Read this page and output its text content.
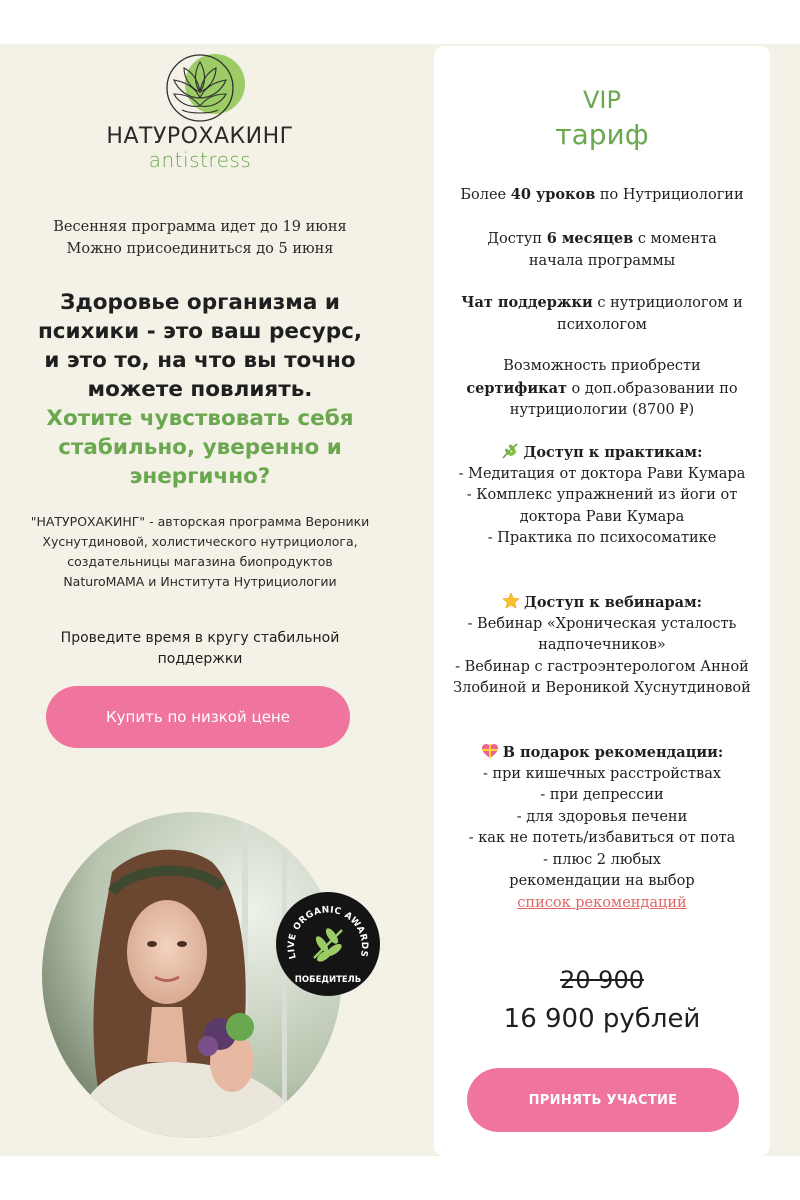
НАТУРОХАКИНГ
antistress
Весенняя программа идет до 19 июня
Можно присоединиться до 5 июня
Здоровье организма и психики - это ваш ресурс, и это то, на что вы точно можете повлиять.
Хотите чувствовать себя стабильно, уверенно и энергично?
"НАТУРОХАКИНГ" - авторская программа Вероники Хуснутдиновой, холистического нутрициолога, создательницы магазина биопродуктов NaturoMAMA и Института Нутрициологии
Проведите время в кругу стабильной поддержки
Купить по низкой цене
LIVE ORGANIC AWARDS
ПОБЕДИТЕЛЬ
VIP
тариф
Более 40 уроков по Нутрициологии
Доступ 6 месяцев с момента начала программы
Чат поддержки с нутрициологом и психологом
Возможность приобрести сертификат о доп.образовании по нутрициологии (8700 ₽)
Доступ к практикам:
- Медитация от доктора Рави Кумара
- Комплекс упражнений из йоги от доктора Рави Кумара
- Практика по психосоматике
Доступ к вебинарам:
- Вебинар «Хроническая усталость надпочечников»
- Вебинар с гастроэнтерологом Анной Злобиной и Вероникой Хуснутдиновой
В подарок рекомендации:
- при кишечных расстройствах
- при депрессии
- для здоровья печени
- как не потеть/избавиться от пота
- плюс 2 любых рекомендации на выбор
список рекомендаций
20 900
16 900 рублей
ПРИНЯТЬ УЧАСТИЕ
